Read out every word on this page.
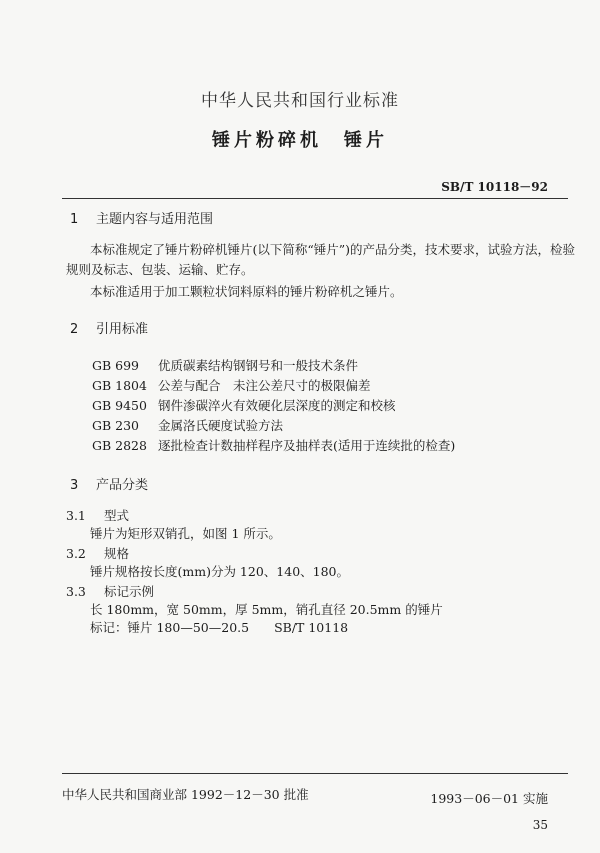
中华人民共和国行业标准
锤片粉碎机　锤片
SB/T 10118－92
1 主题内容与适用范围
本标准规定了锤片粉碎机锤片(以下简称“锤片”)的产品分类，技术要求，试验方法，检验
规则及标志、包装、运输、贮存。
本标准适用于加工颗粒状饲料原料的锤片粉碎机之锤片。
2 引用标准
GB 699 优质碳素结构钢钢号和一般技术条件
GB 1804 公差与配合　未注公差尺寸的极限偏差
GB 9450 钢件渗碳淬火有效硬化层深度的测定和校核
GB 230 金属洛氏硬度试验方法
GB 2828 逐批检查计数抽样程序及抽样表(适用于连续批的检查)
3 产品分类
3.1 型式
锤片为矩形双销孔，如图 1 所示。
3.2 规格
锤片规格按长度(mm)分为 120、140、180。
3.3 标记示例
长 180mm，宽 50mm，厚 5mm，销孔直径 20.5mm 的锤片
标记：锤片 180—50—20.5　　SB/T 10118
中华人民共和国商业部 1992－12－30 批准	1993－06－01 实施
35
